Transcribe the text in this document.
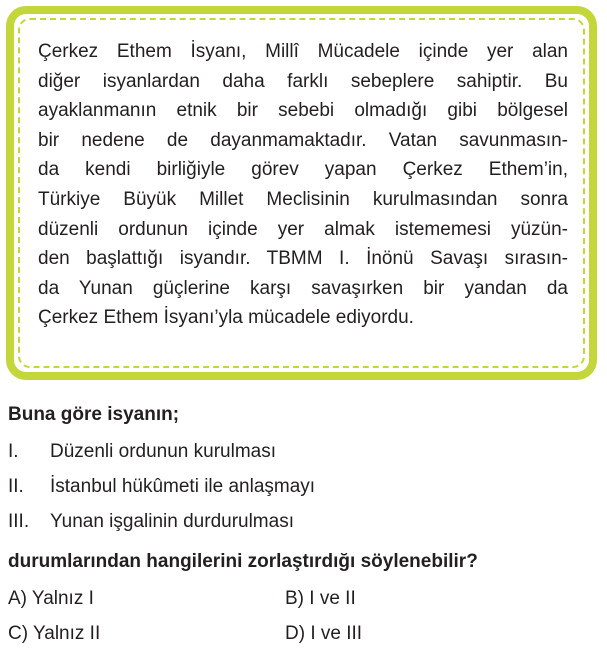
Çerkez Ethem İsyanı, Millî Mücadele içinde yer alan
diğer isyanlardan daha farklı sebeplere sahiptir. Bu
ayaklanmanın etnik bir sebebi olmadığı gibi bölgesel
bir nedene de dayanmamaktadır. Vatan savunmasın-
da kendi birliğiyle görev yapan Çerkez Ethem’in,
Türkiye Büyük Millet Meclisinin kurulmasından sonra
düzenli ordunun içinde yer almak istememesi yüzün-
den başlattığı isyandır. TBMM I. İnönü Savaşı sırasın-
da Yunan güçlerine karşı savaşırken bir yandan da
Çerkez Ethem İsyanı’yla mücadele ediyordu.

Buna göre isyanın;

I. Düzenli ordunun kurulması
II. İstanbul hükûmeti ile anlaşmayı
III. Yunan işgalinin durdurulması

durumlarından hangilerini zorlaştırdığı söylenebilir?

A) Yalnız I	B) I ve II
C) Yalnız II	D) I ve III
